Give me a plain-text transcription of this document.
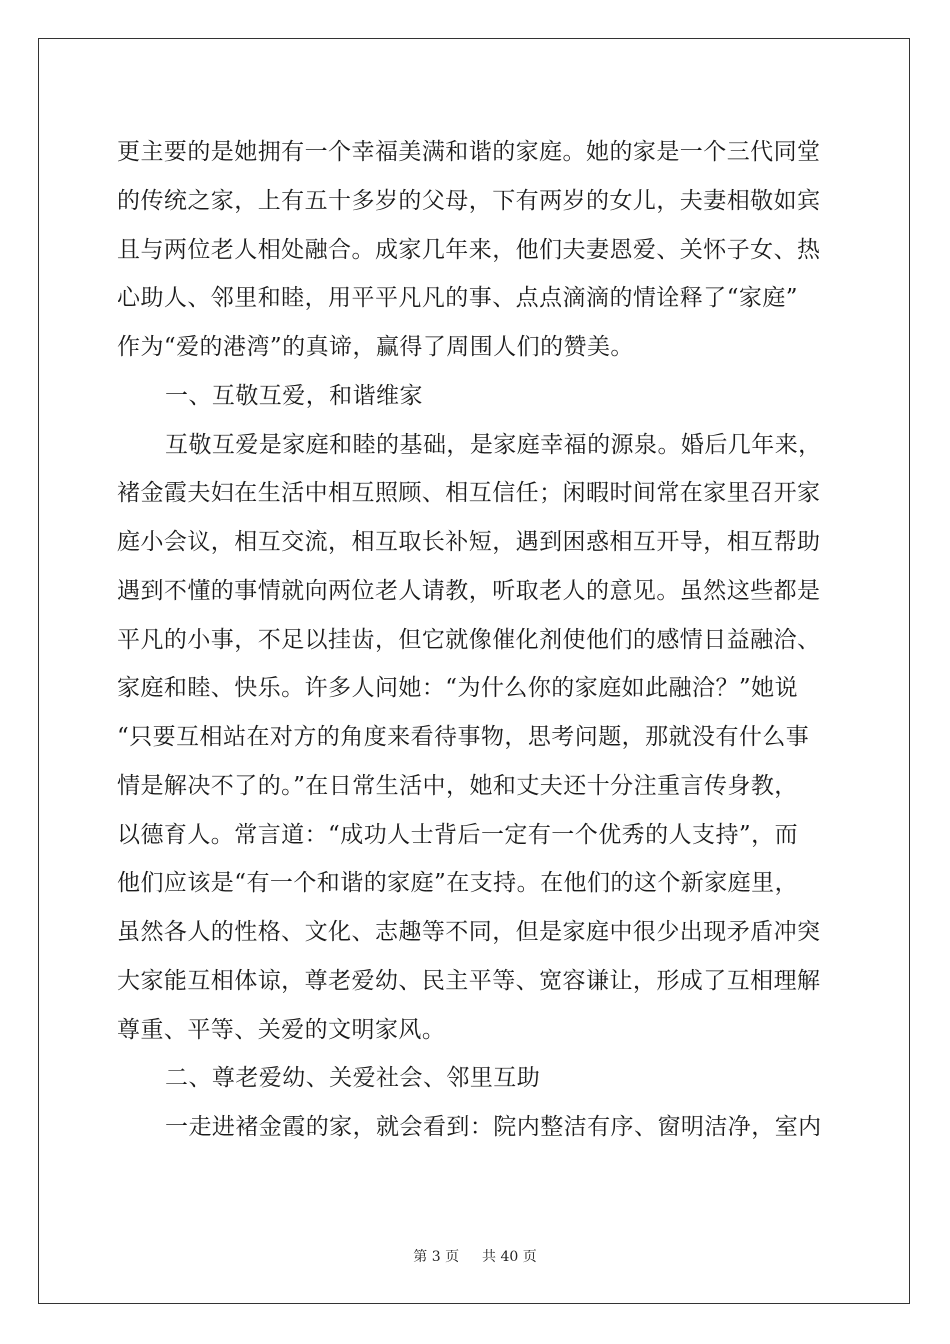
更主要的是她拥有一个幸福美满和谐的家庭。她的家是一个三代同堂
的传统之家，上有五十多岁的父母，下有两岁的女儿，夫妻相敬如宾
且与两位老人相处融合。成家几年来，他们夫妻恩爱、关怀子女、热
心助人、邻里和睦，用平平凡凡的事、点点滴滴的情诠释了“家庭”
作为“爱的港湾”的真谛，赢得了周围人们的赞美。
一、互敬互爱，和谐维家
互敬互爱是家庭和睦的基础，是家庭幸福的源泉。婚后几年来，
褚金霞夫妇在生活中相互照顾、相互信任；闲暇时间常在家里召开家
庭小会议，相互交流，相互取长补短，遇到困惑相互开导，相互帮助
遇到不懂的事情就向两位老人请教，听取老人的意见。虽然这些都是
平凡的小事，不足以挂齿，但它就像催化剂使他们的感情日益融洽、
家庭和睦、快乐。许多人问她：“为什么你的家庭如此融洽？”她说
“只要互相站在对方的角度来看待事物，思考问题，那就没有什么事
情是解决不了的。”在日常生活中，她和丈夫还十分注重言传身教，
以德育人。常言道：“成功人士背后一定有一个优秀的人支持”，而
他们应该是“有一个和谐的家庭”在支持。在他们的这个新家庭里，
虽然各人的性格、文化、志趣等不同，但是家庭中很少出现矛盾冲突
大家能互相体谅，尊老爱幼、民主平等、宽容谦让，形成了互相理解
尊重、平等、关爱的文明家风。
二、尊老爱幼、关爱社会、邻里互助
一走进褚金霞的家，就会看到：院内整洁有序、窗明洁净，室内
第 3 页 共 40 页
